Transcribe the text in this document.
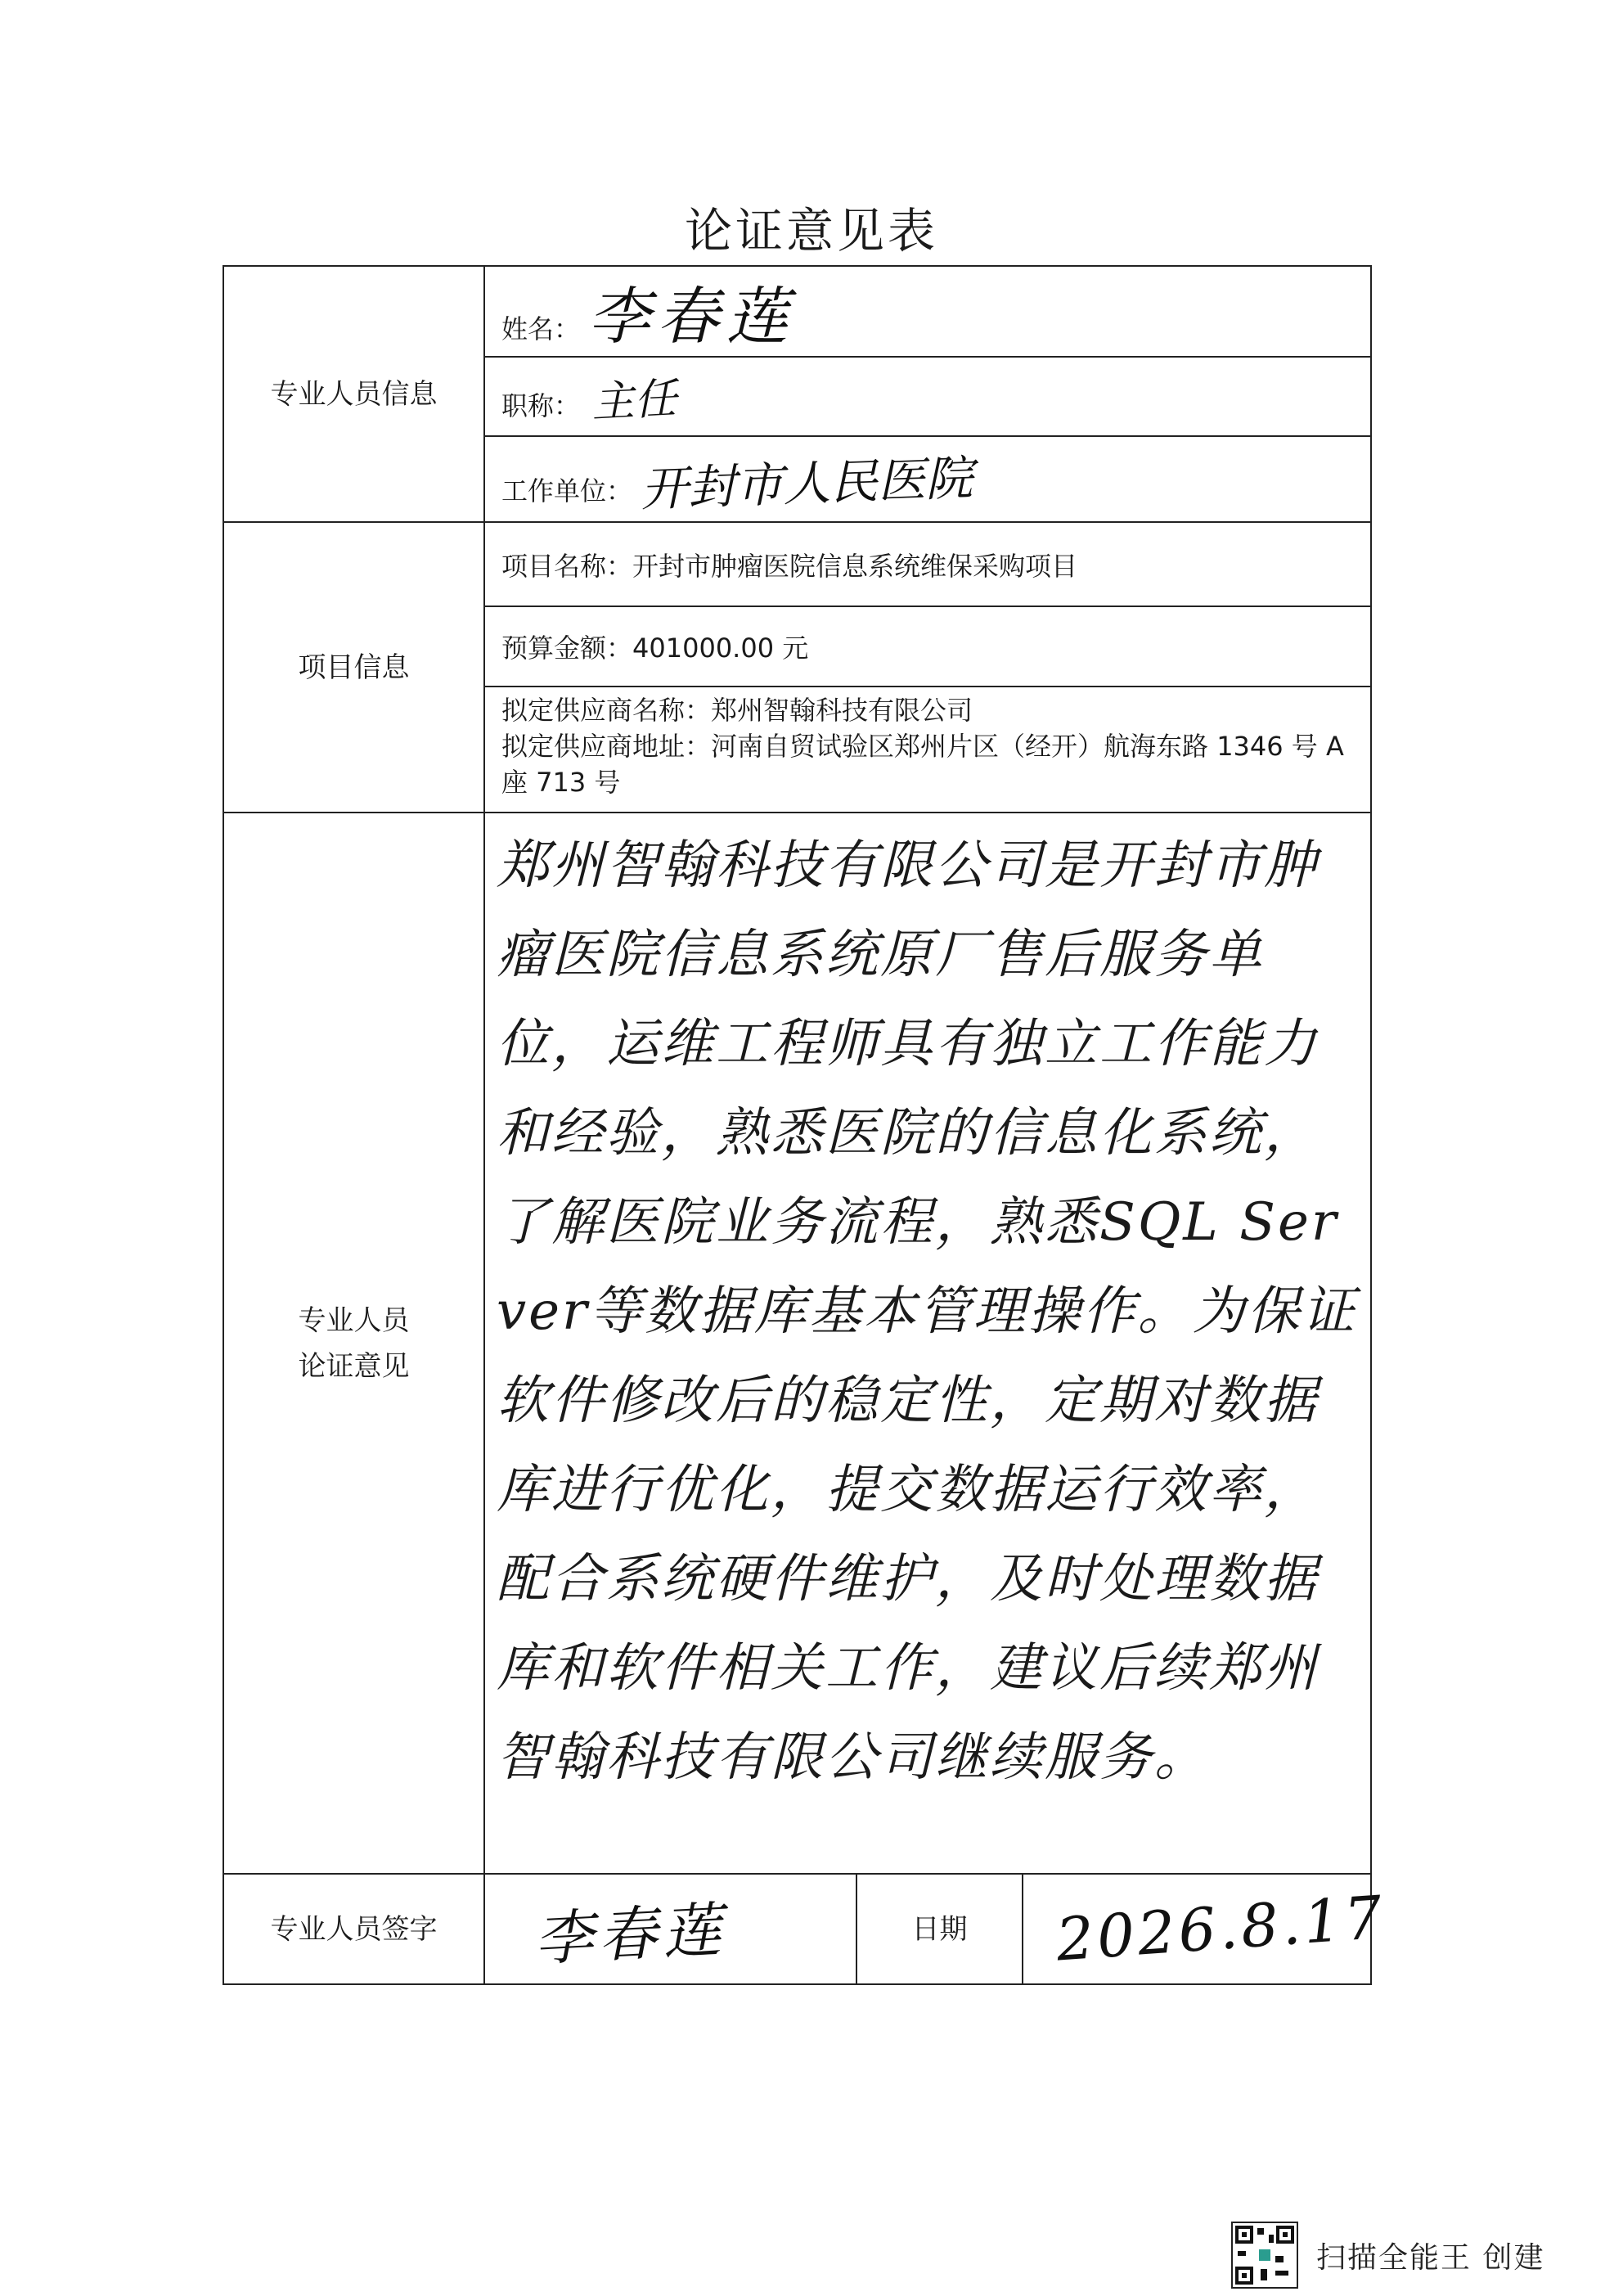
论证意见表
专业人员信息	姓名： 李春莲		
	职称： 主任		
	工作单位： 开封市人民医院		
项目信息	项目名称：开封市肿瘤医院信息系统维保采购项目		
	预算金额：401000.00 元		

	拟定供应商名称：郑州智翰科技有限公司
拟定供应商地址：河南自贸试验区郑州片区（经开）航海东路 1346 号 A 座 713 号		

专业人员
论证意见	郑州智翰科技有限公司是开封市肿瘤医院信息系统原厂售后服务单位，运维工程师具有独立工作能力和经验，熟悉医院的信息化系统，了解医院业务流程，熟悉SQL Server等数据库基本管理操作。为保证软件修改后的稳定性，定期对数据库进行优化，提交数据运行效率，配合系统硬件维护，及时处理数据库和软件相关工作，建议后续郑州智翰科技有限公司继续服务。		

专业人员签字	李春莲	日期	2026.8.17
扫描全能王 创建
